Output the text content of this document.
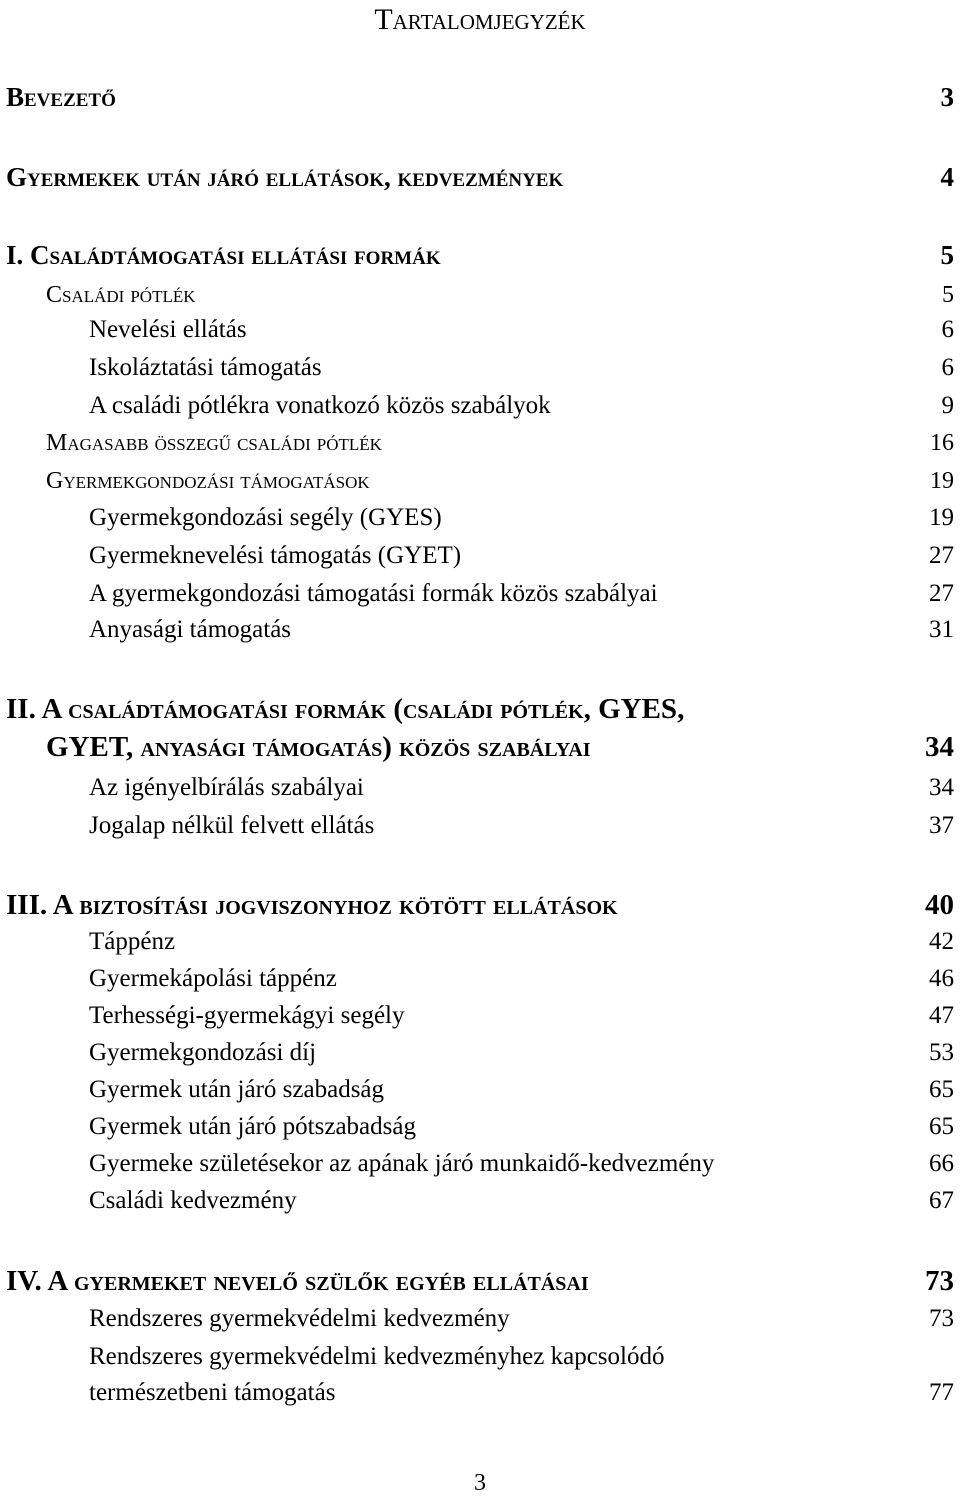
Tartalomjegyzék
Bevezető	3
Gyermekek után járó ellátások, kedvezmények	4
I. Családtámogatási ellátási formák	5
Családi pótlék	5
Nevelési ellátás	6
Iskoláztatási támogatás	6
A családi pótlékra vonatkozó közös szabályok	9
Magasabb összegű családi pótlék	16
Gyermekgondozási támogatások	19
Gyermekgondozási segély (GYES)	19
Gyermeknevelési támogatás (GYET)	27
A gyermekgondozási támogatási formák közös szabályai	27
Anyasági támogatás	31
II. A családtámogatási formák (családi pótlék, GYES,
GYET, anyasági támogatás) közös szabályai	34
Az igényelbírálás szabályai	34
Jogalap nélkül felvett ellátás	37
III. A biztosítási jogviszonyhoz kötött ellátások	40
Táppénz	42
Gyermekápolási táppénz	46
Terhességi-gyermekágyi segély	47
Gyermekgondozási díj	53
Gyermek után járó szabadság	65
Gyermek után járó pótszabadság	65
Gyermeke születésekor az apának járó munkaidő-kedvezmény	66
Családi kedvezmény	67
IV. A gyermeket nevelő szülők egyéb ellátásai	73
Rendszeres gyermekvédelmi kedvezmény	73
Rendszeres gyermekvédelmi kedvezményhez kapcsolódó
természetbeni támogatás	77
3
